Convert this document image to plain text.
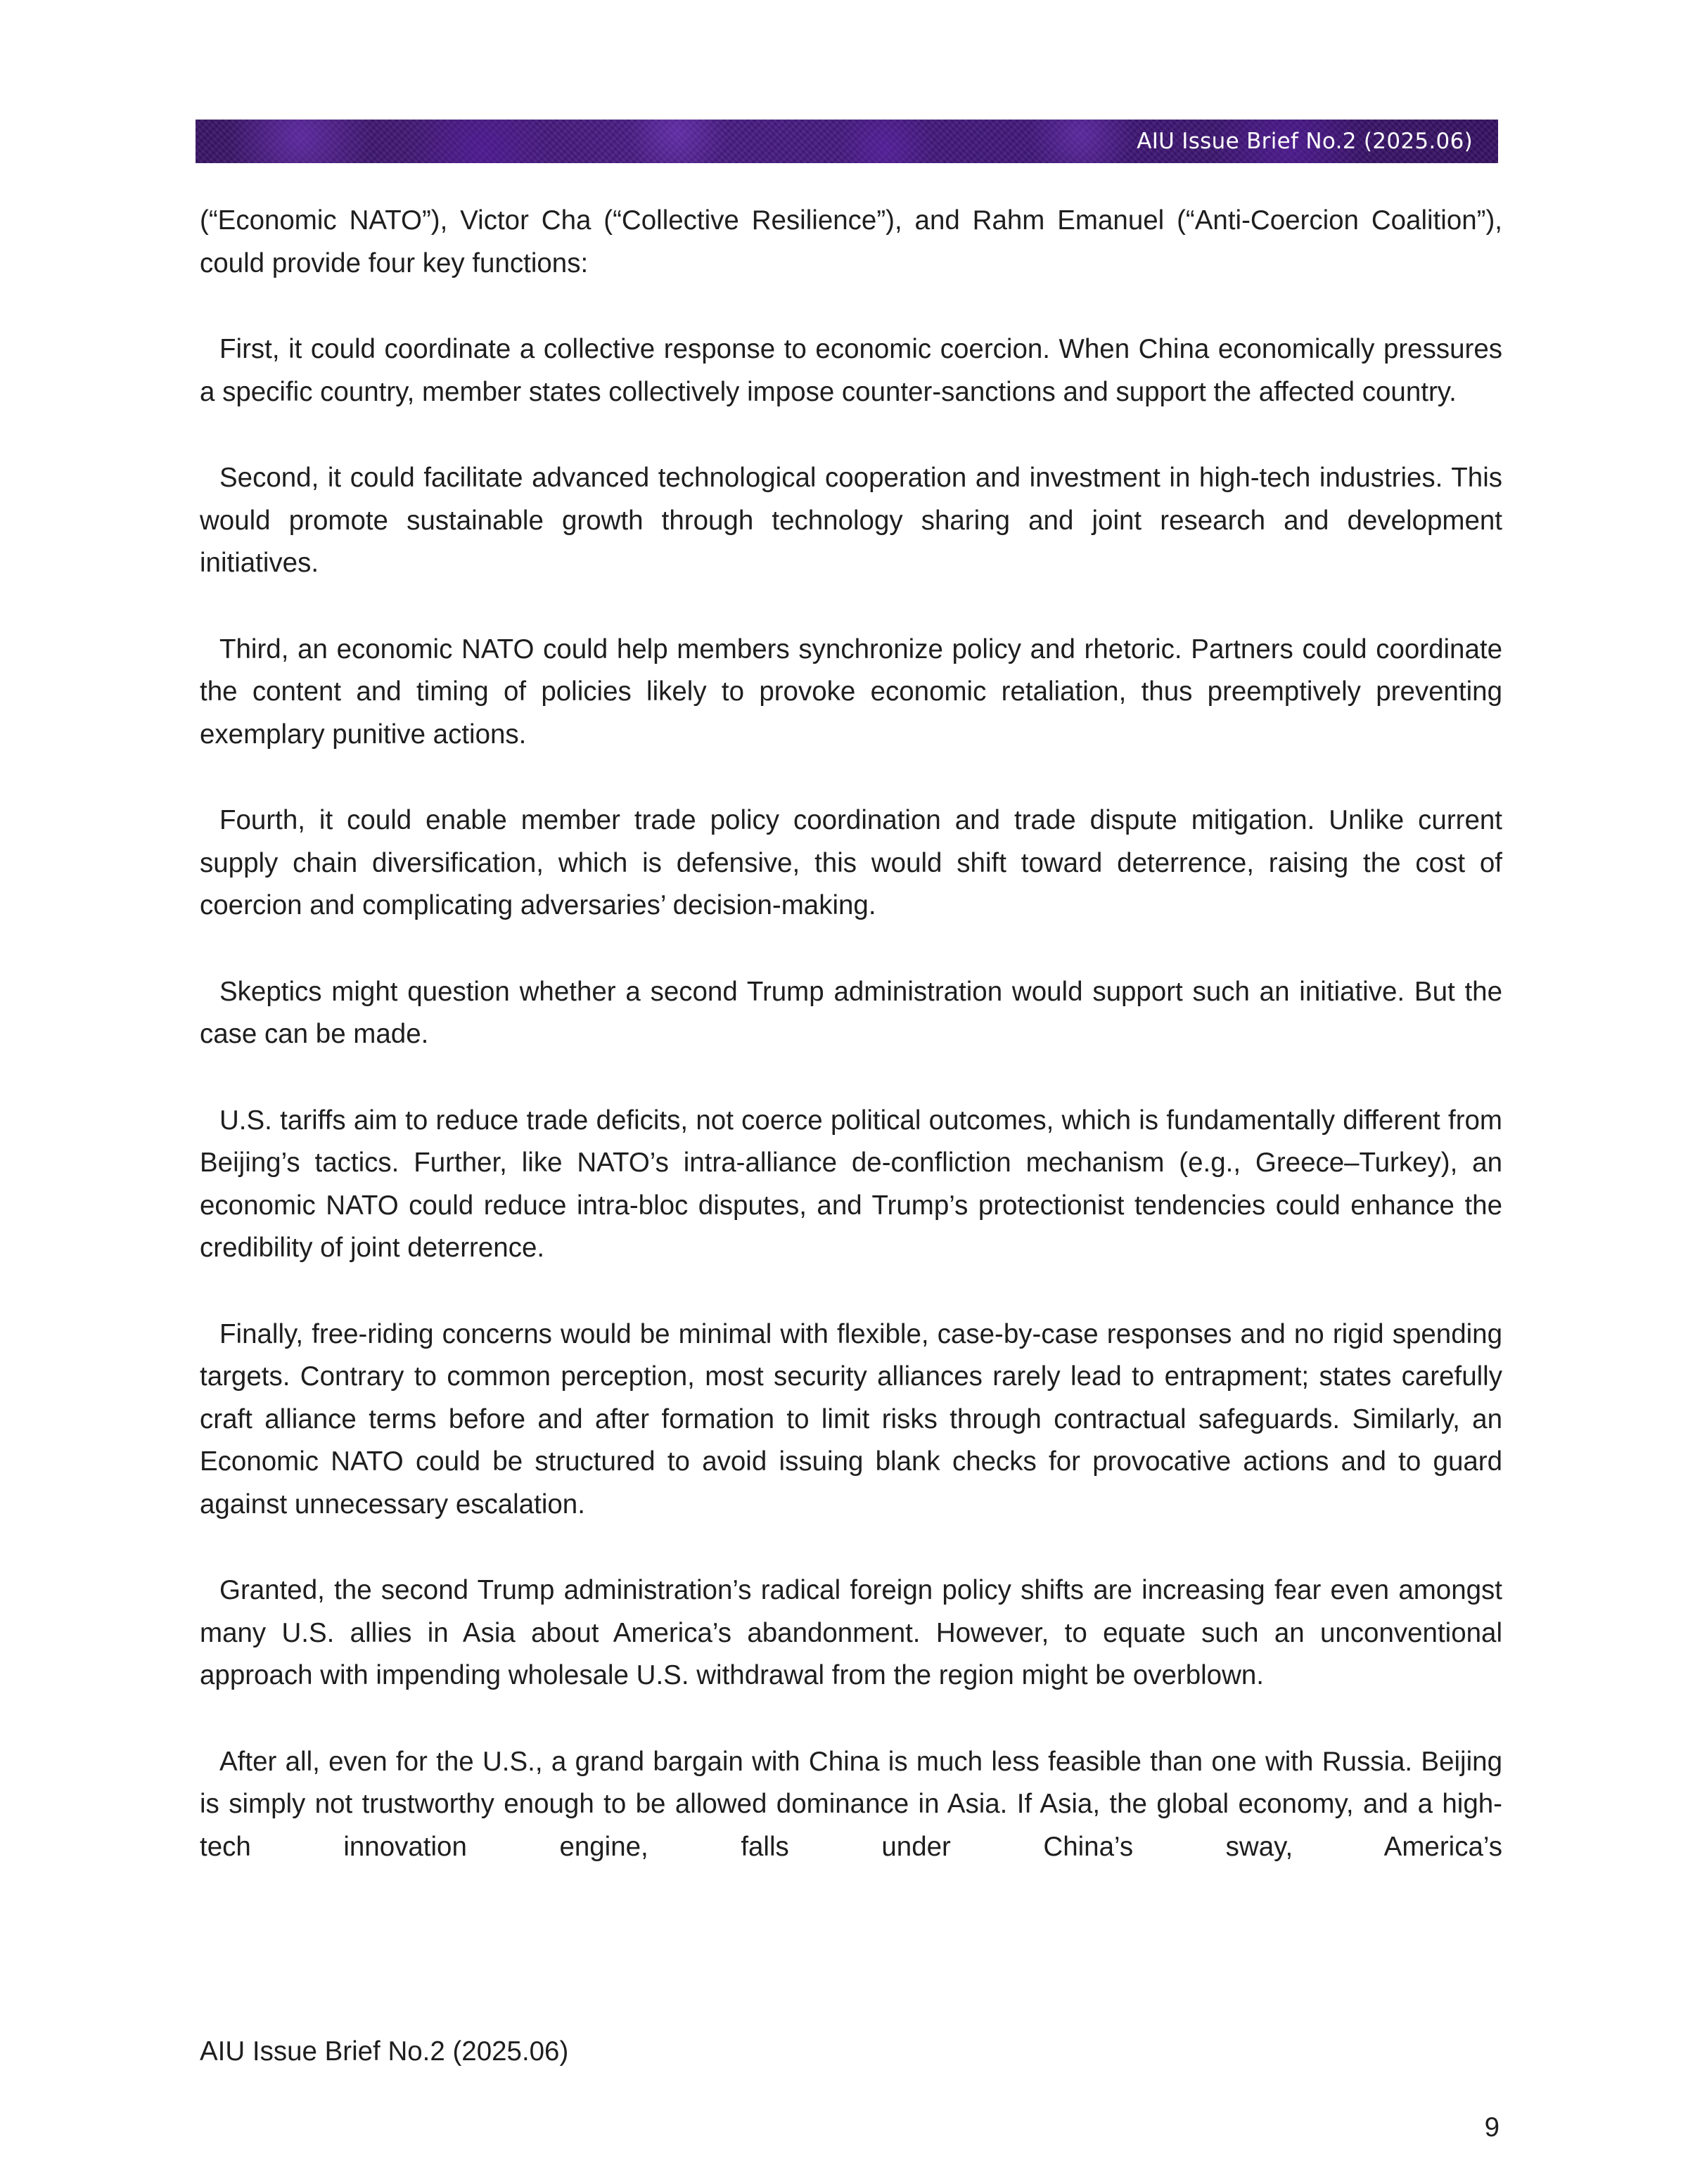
AIU Issue Brief No.2 (2025.06)

(“Economic NATO”), Victor Cha (“Collective Resilience”), and Rahm Emanuel (“Anti-Coercion Coalition”), could provide four key functions:

First, it could coordinate a collective response to economic coercion. When China economically pressures a specific country, member states collectively impose counter-sanctions and support the affected country.

Second, it could facilitate advanced technological cooperation and investment in high-tech industries. This would promote sustainable growth through technology sharing and joint research and development initiatives.

Third, an economic NATO could help members synchronize policy and rhetoric. Partners could coordinate the content and timing of policies likely to provoke economic retaliation, thus preemptively preventing exemplary punitive actions.

Fourth, it could enable member trade policy coordination and trade dispute mitigation. Unlike current supply chain diversification, which is defensive, this would shift toward deterrence, raising the cost of coercion and complicating adversaries’ decision-making.

Skeptics might question whether a second Trump administration would support such an initiative. But the case can be made.

U.S. tariffs aim to reduce trade deficits, not coerce political outcomes, which is fundamentally different from Beijing’s tactics. Further, like NATO’s intra-alliance de-confliction mechanism (e.g., Greece–Turkey), an economic NATO could reduce intra-bloc disputes, and Trump’s protectionist tendencies could enhance the credibility of joint deterrence.

Finally, free-riding concerns would be minimal with flexible, case-by-case responses and no rigid spending targets. Contrary to common perception, most security alliances rarely lead to entrapment; states carefully craft alliance terms before and after formation to limit risks through contractual safeguards. Similarly, an Economic NATO could be structured to avoid issuing blank checks for provocative actions and to guard against unnecessary escalation.

Granted, the second Trump administration’s radical foreign policy shifts are increasing fear even amongst many U.S. allies in Asia about America’s abandonment. However, to equate such an unconventional approach with impending wholesale U.S. withdrawal from the region might be overblown.

After all, even for the U.S., a grand bargain with China is much less feasible than one with Russia. Beijing is simply not trustworthy enough to be allowed dominance in Asia. If Asia, the global economy, and a high-tech innovation engine, falls under China’s sway, America’s

AIU Issue Brief No.2 (2025.06)
9
